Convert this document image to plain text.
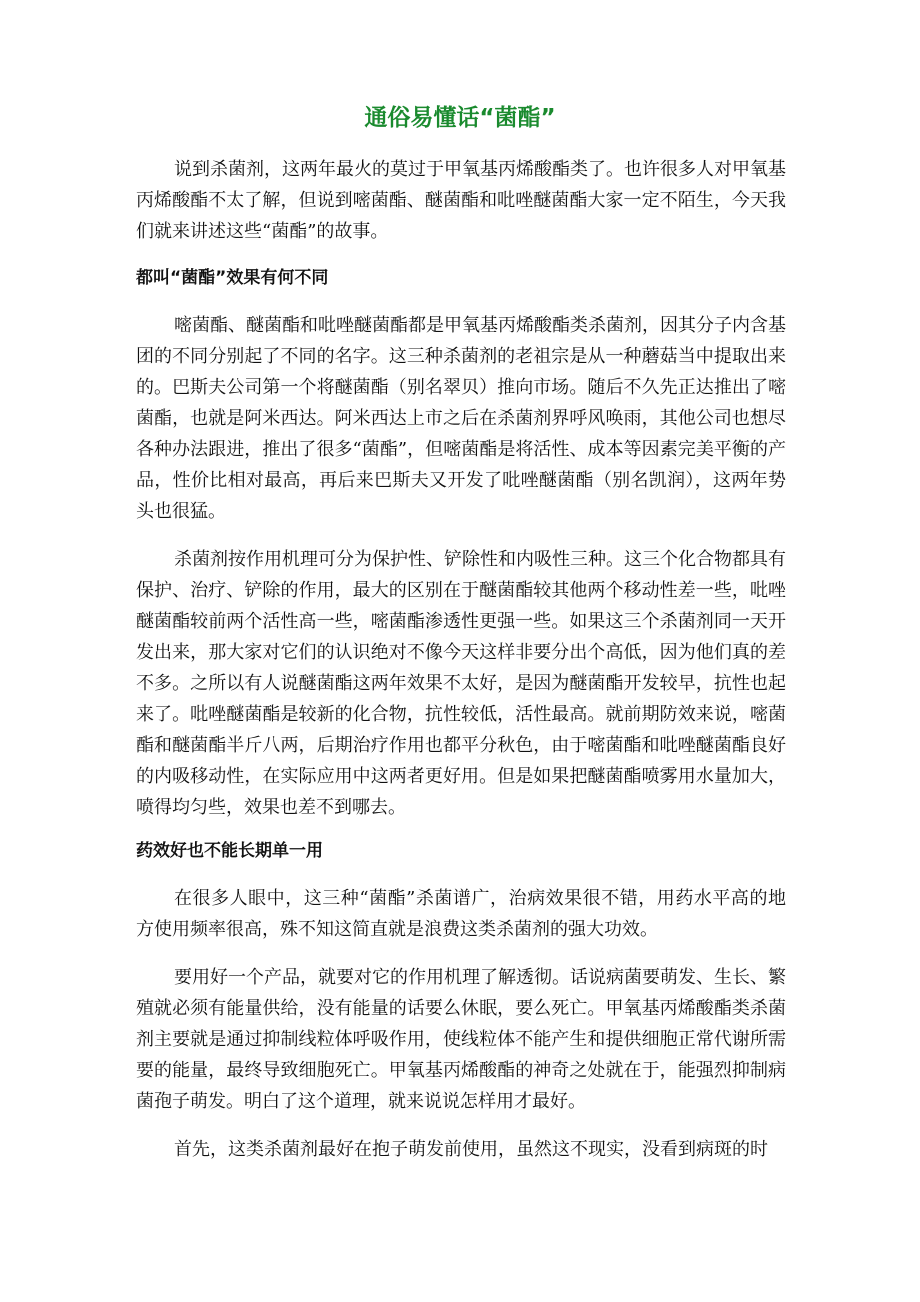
通俗易懂话“菌酯”

说到杀菌剂，这两年最火的莫过于甲氧基丙烯酸酯类了。也许很多人对甲氧基丙烯酸酯不太了解，但说到嘧菌酯、醚菌酯和吡唑醚菌酯大家一定不陌生，今天我们就来讲述这些“菌酯”的故事。

都叫“菌酯”效果有何不同

嘧菌酯、醚菌酯和吡唑醚菌酯都是甲氧基丙烯酸酯类杀菌剂，因其分子内含基团的不同分别起了不同的名字。这三种杀菌剂的老祖宗是从一种蘑菇当中提取出来的。巴斯夫公司第一个将醚菌酯（别名翠贝）推向市场。随后不久先正达推出了嘧菌酯，也就是阿米西达。阿米西达上市之后在杀菌剂界呼风唤雨，其他公司也想尽各种办法跟进，推出了很多“菌酯”，但嘧菌酯是将活性、成本等因素完美平衡的产品，性价比相对最高，再后来巴斯夫又开发了吡唑醚菌酯（别名凯润），这两年势头也很猛。

杀菌剂按作用机理可分为保护性、铲除性和内吸性三种。这三个化合物都具有保护、治疗、铲除的作用，最大的区别在于醚菌酯较其他两个移动性差一些，吡唑醚菌酯较前两个活性高一些，嘧菌酯渗透性更强一些。如果这三个杀菌剂同一天开发出来，那大家对它们的认识绝对不像今天这样非要分出个高低，因为他们真的差不多。之所以有人说醚菌酯这两年效果不太好，是因为醚菌酯开发较早，抗性也起来了。吡唑醚菌酯是较新的化合物，抗性较低，活性最高。就前期防效来说，嘧菌酯和醚菌酯半斤八两，后期治疗作用也都平分秋色，由于嘧菌酯和吡唑醚菌酯良好的内吸移动性，在实际应用中这两者更好用。但是如果把醚菌酯喷雾用水量加大，喷得均匀些，效果也差不到哪去。

药效好也不能长期单一用

在很多人眼中，这三种“菌酯”杀菌谱广，治病效果很不错，用药水平高的地方使用频率很高，殊不知这简直就是浪费这类杀菌剂的强大功效。

要用好一个产品，就要对它的作用机理了解透彻。话说病菌要萌发、生长、繁殖就必须有能量供给，没有能量的话要么休眠，要么死亡。甲氧基丙烯酸酯类杀菌剂主要就是通过抑制线粒体呼吸作用，使线粒体不能产生和提供细胞正常代谢所需要的能量，最终导致细胞死亡。甲氧基丙烯酸酯的神奇之处就在于，能强烈抑制病菌孢子萌发。明白了这个道理，就来说说怎样用才最好。

首先，这类杀菌剂最好在抱子萌发前使用，虽然这不现实，没看到病斑的时
